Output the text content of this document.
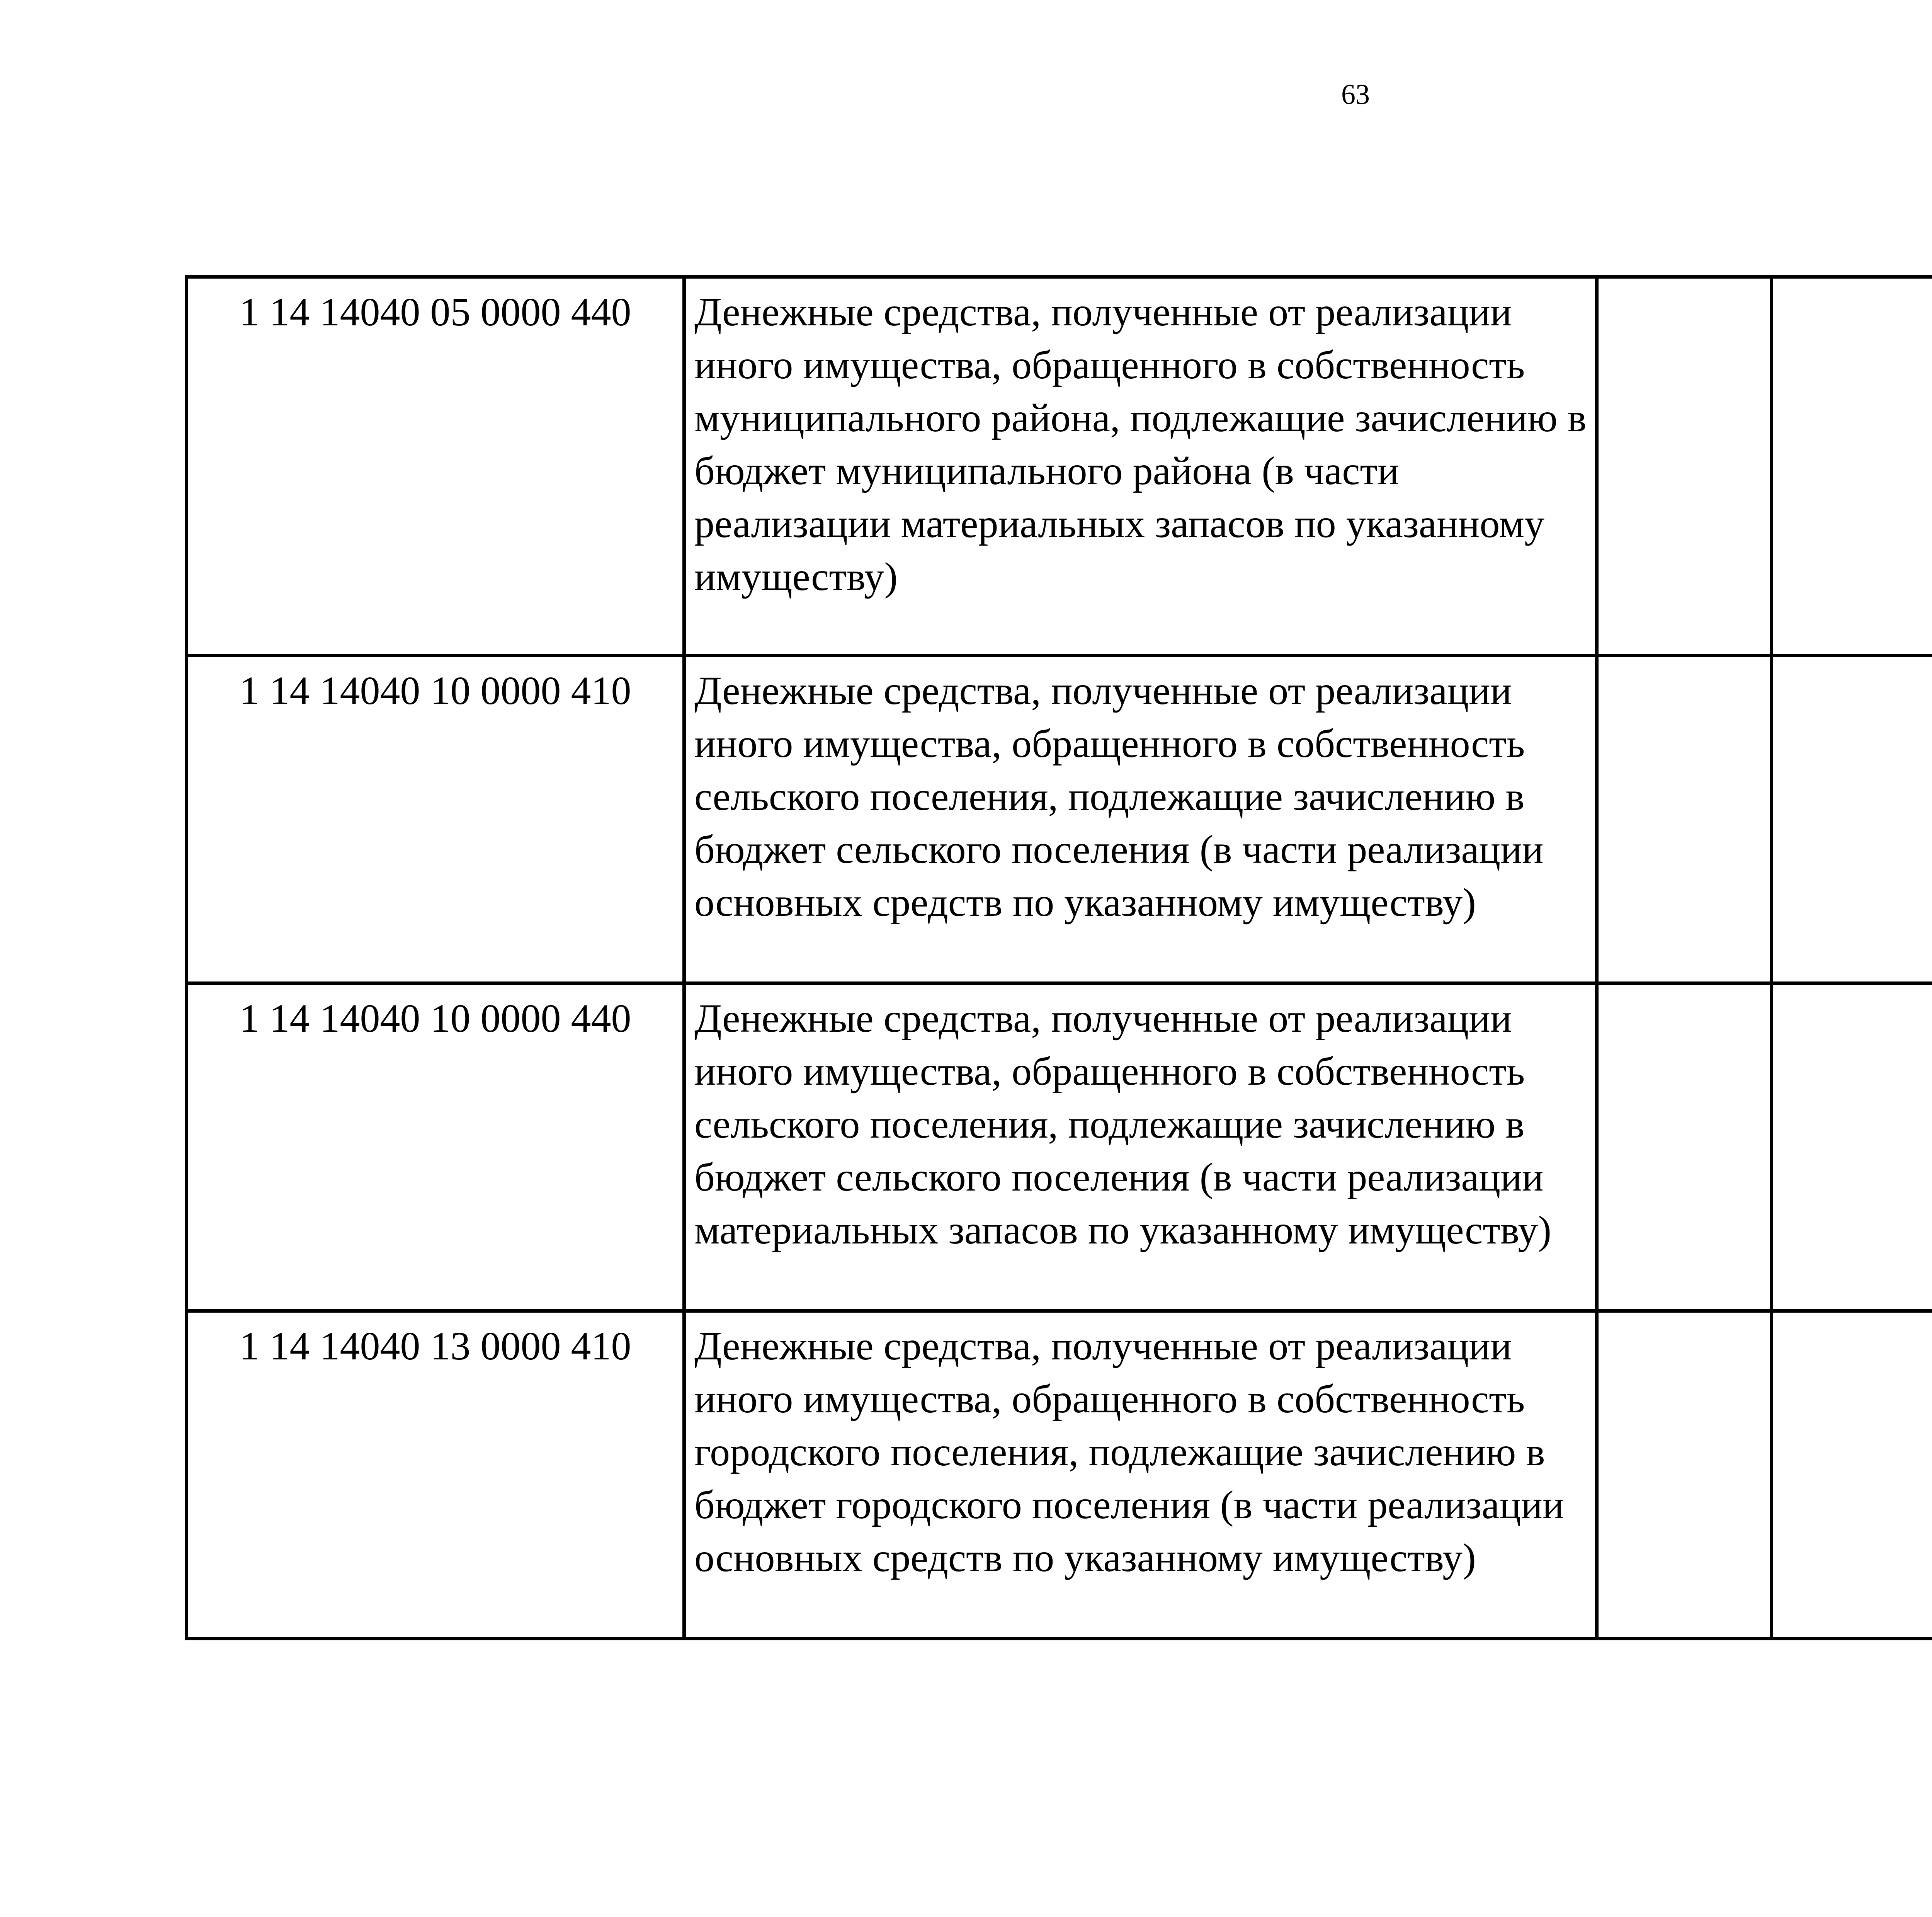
63
1 14 14040 05 0000 440	Денежные средства, полученные от реализации иного имущества, обращенного в собственность муниципального района, подлежащие зачислению в бюджет муниципального района (в части реализации материальных запасов по указанному имуществу)					
1 14 14040 10 0000 410	Денежные средства, полученные от реализации иного имущества, обращенного в собственность сельского поселения, подлежащие зачислению в бюджет сельского поселения (в части реализации основных средств по указанному имуществу)					
1 14 14040 10 0000 440	Денежные средства, полученные от реализации иного имущества, обращенного в собственность сельского поселения, подлежащие зачислению в бюджет сельского поселения (в части реализации материальных запасов по указанному имуществу)					
1 14 14040 13 0000 410	Денежные средства, полученные от реализации иного имущества, обращенного в собственность городского поселения, подлежащие зачислению в бюджет городского поселения (в части реализации основных средств по указанному имуществу)					
